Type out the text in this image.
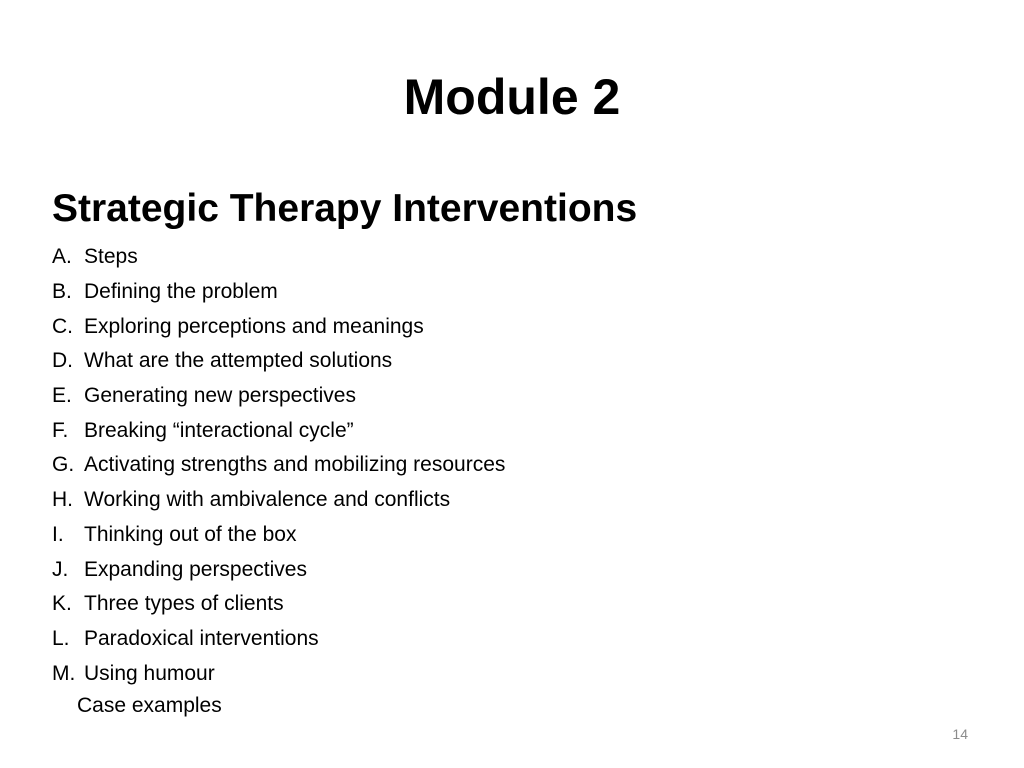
Module 2
Strategic Therapy Interventions
A. Steps
B. Defining the problem
C. Exploring perceptions and meanings
D. What are the attempted solutions
E. Generating new perspectives
F. Breaking “interactional cycle”
G. Activating strengths and mobilizing resources
H. Working with ambivalence and conflicts
I. Thinking out of the box
J. Expanding perspectives
K. Three types of clients
L. Paradoxical interventions
M. Using humour
Case examples
14
